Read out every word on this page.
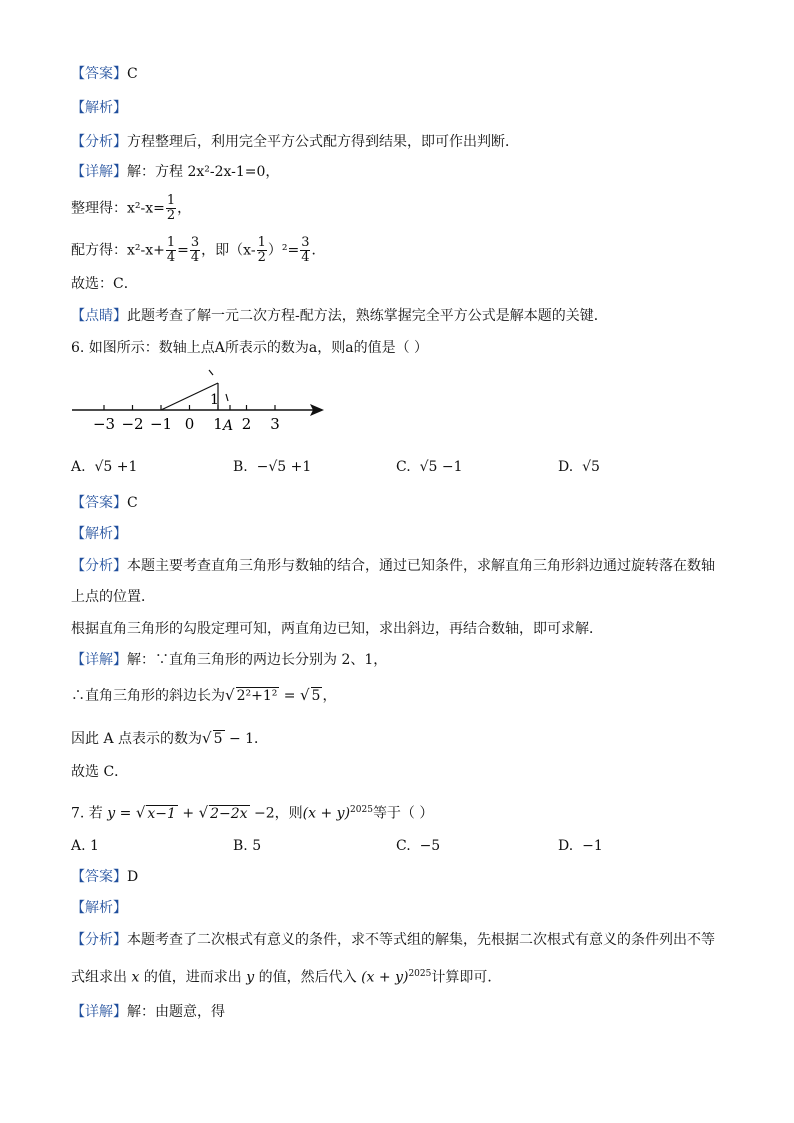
【答案】C
【解析】
【分析】方程整理后，利用完全平方公式配方得到结果，即可作出判断．
【详解】解：方程 2x²-2x-1=0，
整理得：$x^2-x= \frac{1}{2}$ ，
配方得：$x^2-x+ \frac{1}{4} = \frac{3}{4}$ ，即$(x- \frac{1}{2} )^2= \frac{3}{4}$ ．
故选：C．
【点睛】此题考查了解一元二次方程-配方法，熟练掌握完全平方公式是解本题的关键．
6. 如图所示：数轴上点A所表示的数为a，则a的值是（ ）
−3 −2 −1 0 1 2 3
1
A
A. √5 +1	B. −√5 +1	C. √5 −1	D. √5
【答案】C
【解析】
【分析】本题主要考查直角三角形与数轴的结合，通过已知条件，求解直角三角形斜边通过旋转落在数轴
上点的位置．
根据直角三角形的勾股定理可知，两直角边已知，求出斜边，再结合数轴，即可求解．
【详解】解：∵直角三角形的两边长分别为 2、1，
∴直角三角形的斜边长为√ 2²+1² = √ 5 ，
因此 A 点表示的数为√ 5 − 1．
故选 C．
7. 若 y = √ x−1 + √ 2−2x −2，则$(x + y)^{2025}$等于（ ）
A. 1	B. 5	C. −5	D. −1
【答案】D
【解析】
【分析】本题考查了二次根式有意义的条件，求不等式组的解集，先根据二次根式有意义的条件列出不等
式组求出 x 的值，进而求出 y 的值，然后代入 $(x + y)^{2025}$计算即可．
【详解】解：由题意，得
